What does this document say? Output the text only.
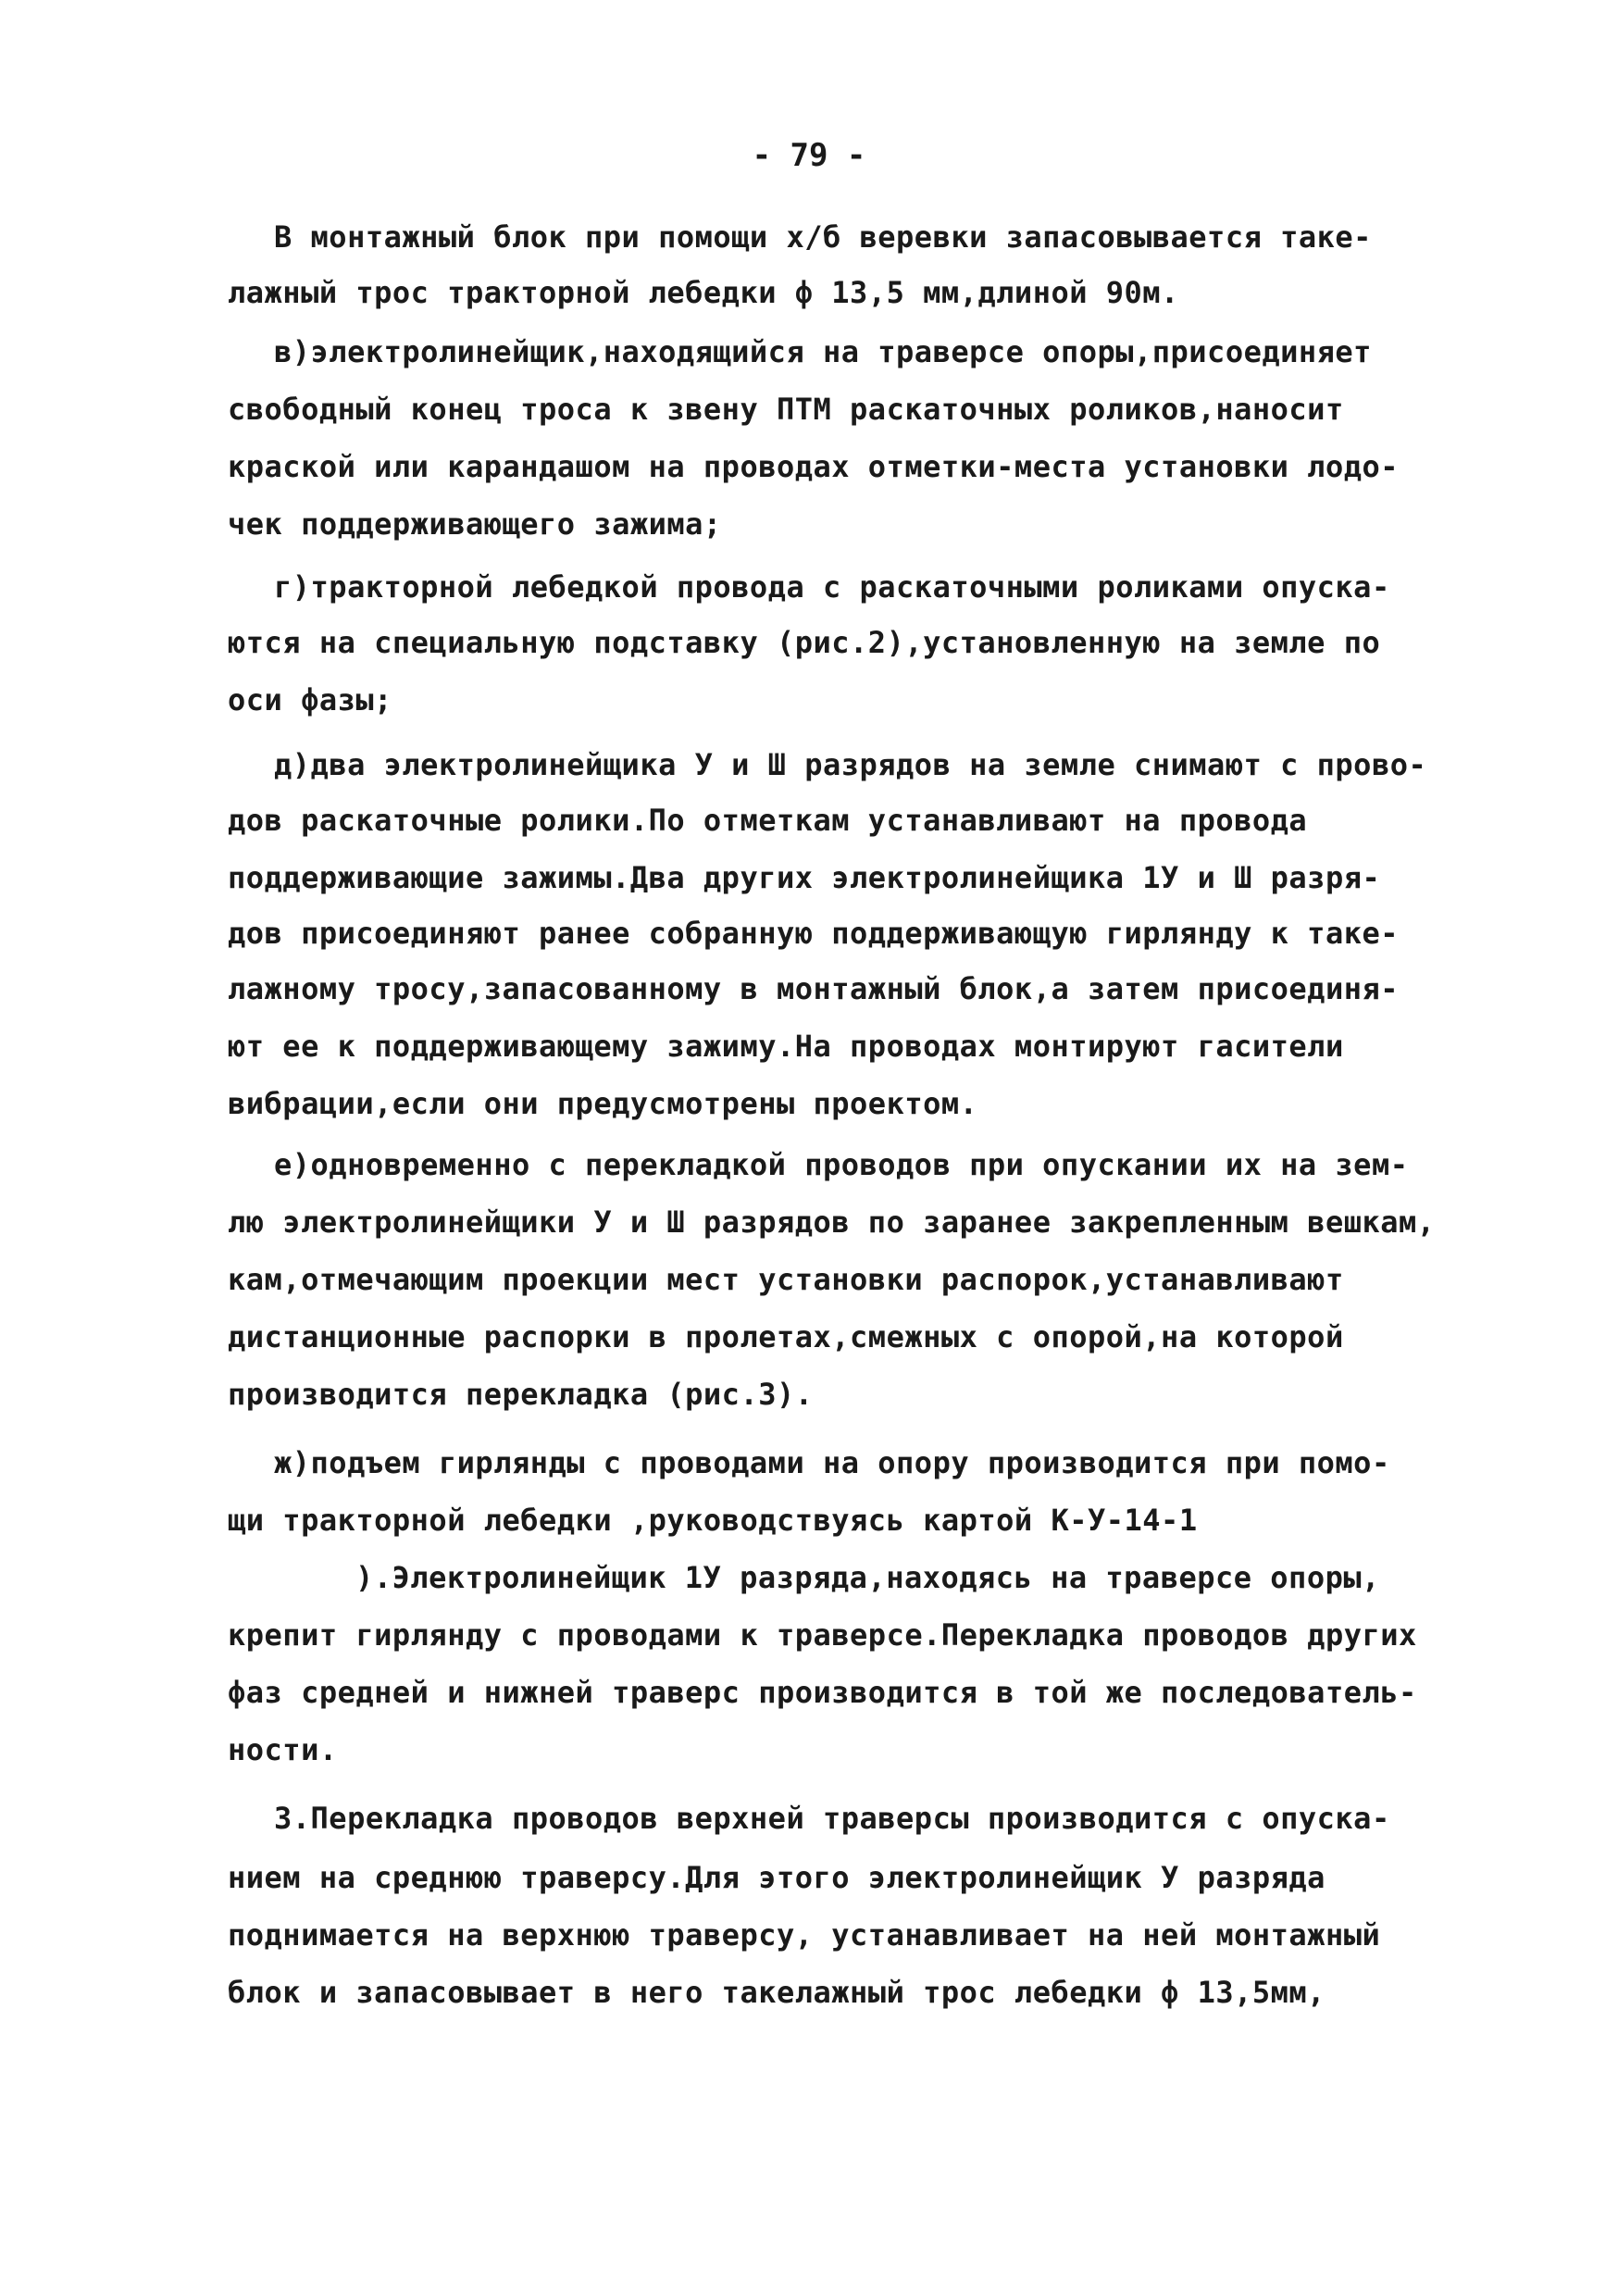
- 79 -
В монтажный блок при помощи х/б веревки запасовывается таке-
лажный трос тракторной лебедки ф 13,5 мм,длиной 90м.
в)электролинейщик,находящийся на траверсе опоры,присоединяет
свободный конец троса к звену ПТМ раскаточных роликов,наносит
краской или карандашом на проводах отметки-места установки лодо-
чек поддерживающего зажима;
г)тракторной лебедкой провода с раскаточными роликами опуска-
ются на специальную подставку (рис.2),установленную на земле по
оси фазы;
д)два электролинейщика У и Ш разрядов на земле снимают с прово-
дов раскаточные ролики.По отметкам устанавливают на провода
поддерживающие зажимы.Два других электролинейщика 1У и Ш разря-
дов присоединяют ранее собранную поддерживающую гирлянду к таке-
лажному тросу,запасованному в монтажный блок,а затем присоединя-
ют ее к поддерживающему зажиму.На проводах монтируют гасители
вибрации,если они предусмотрены проектом.
е)одновременно с перекладкой проводов при опускании их на зем-
лю электролинейщики У и Ш разрядов по заранее закрепленным вешкам,
кам,отмечающим проекции мест установки распорок,устанавливают
дистанционные распорки в пролетах,смежных с опорой,на которой
производится перекладка (рис.3).
ж)подъем гирлянды с проводами на опору производится при помо-
щи тракторной лебедки ,руководствуясь картой К-У-14-1
).Электролинейщик 1У разряда,находясь на траверсе опоры,
крепит гирлянду с проводами к траверсе.Перекладка проводов других
фаз средней и нижней траверс производится в той же последователь-
ности.
3.Перекладка проводов верхней траверсы производится с опуска-
нием на среднюю траверсу.Для этого электролинейщик У разряда
поднимается на верхнюю траверсу, устанавливает на ней монтажный
блок и запасовывает в него такелажный трос лебедки ф 13,5мм,
